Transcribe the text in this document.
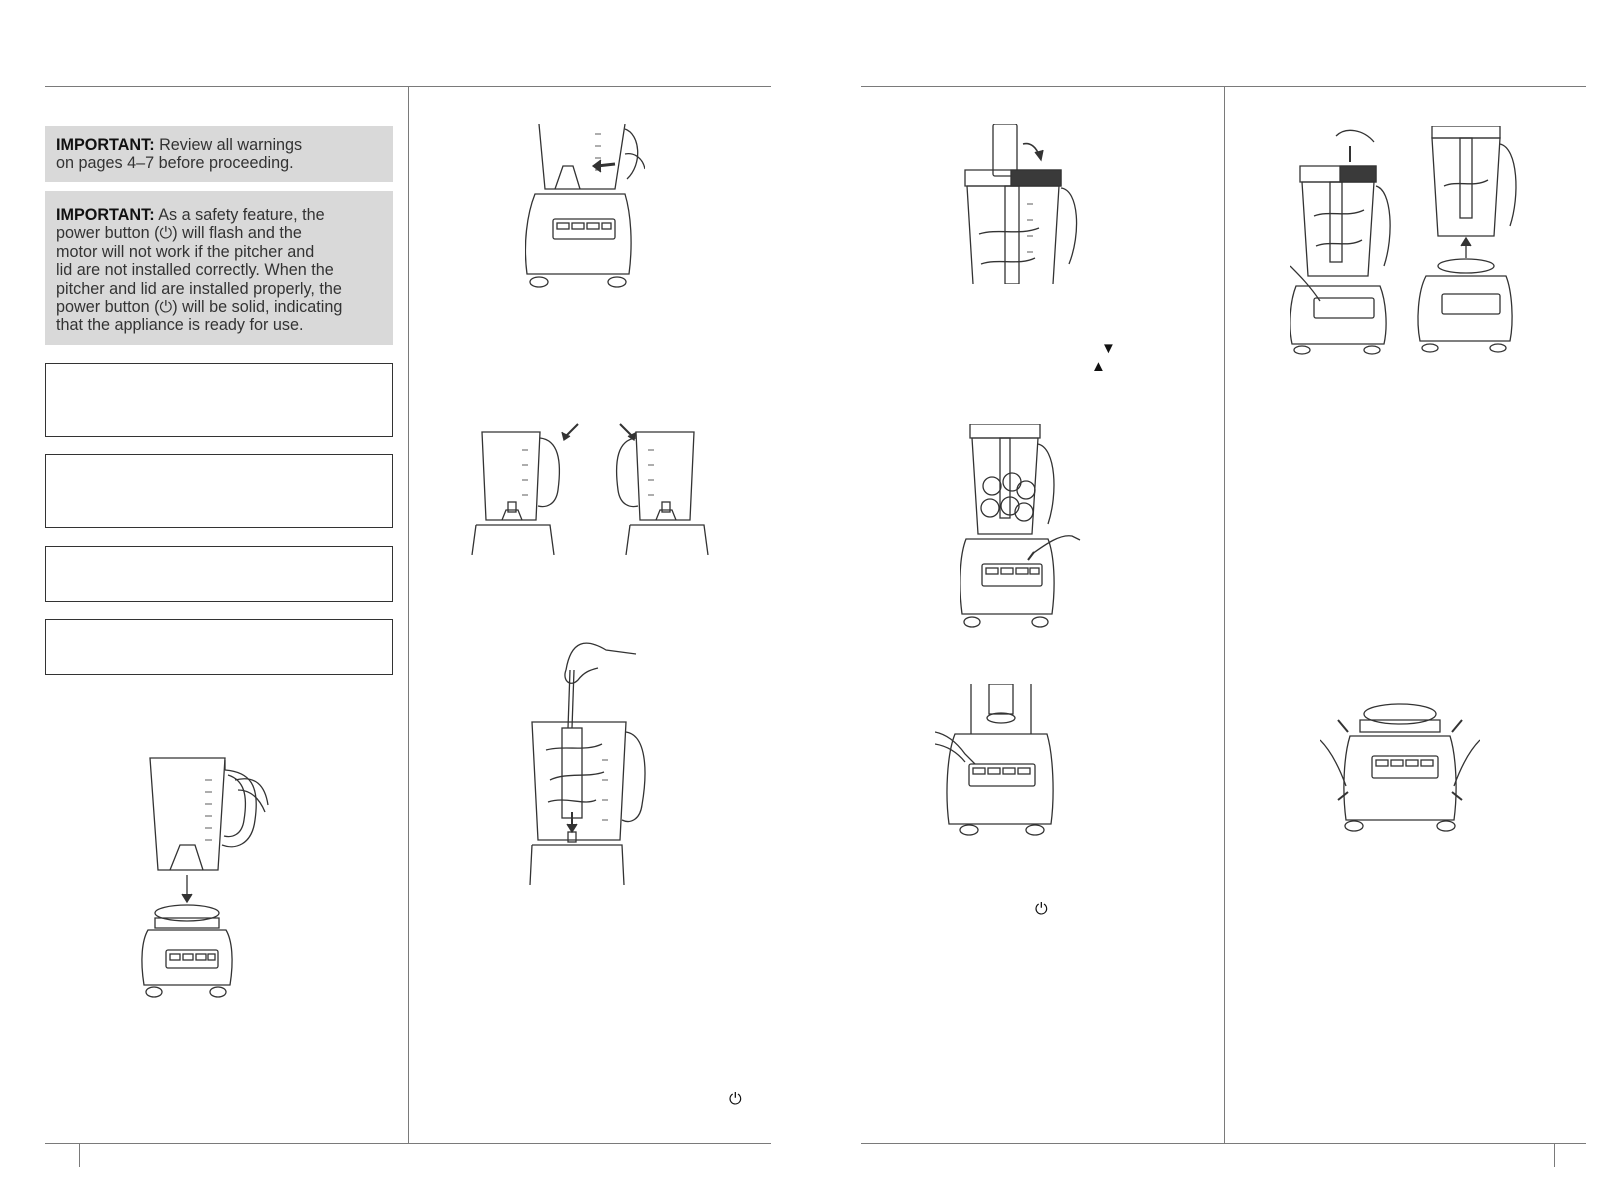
IMPORTANT: Review all warnings
on pages 4–7 before proceeding.
IMPORTANT: As a safety feature, the
power button (⏻) will flash and the
motor will not work if the pitcher and
lid are not installed correctly. When the
pitcher and lid are installed properly, the
power button (⏻) will be solid, indicating
that the appliance is ready for use.
⏻
⏻
▼
▲
